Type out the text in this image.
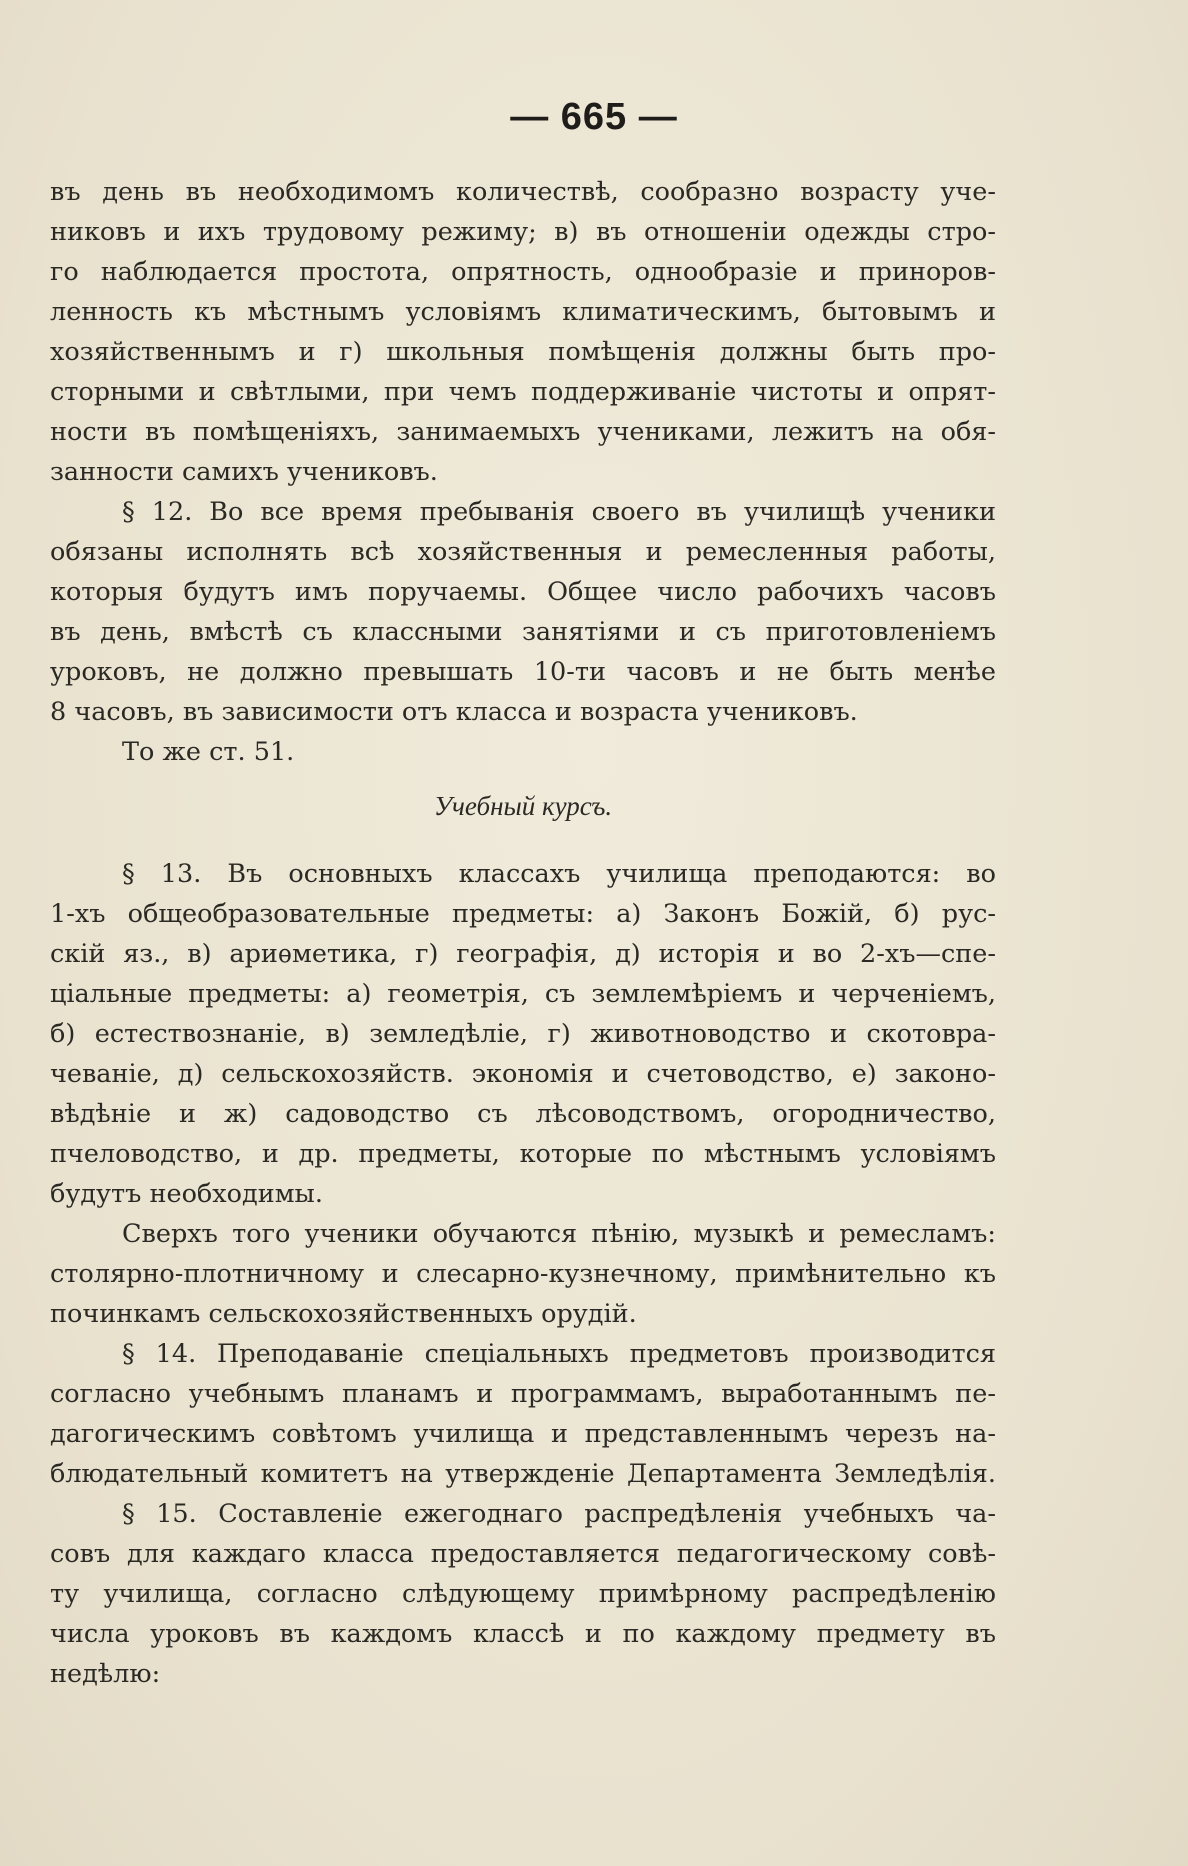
— 665 —
въ день въ необходимомъ количествѣ, сообразно возрасту уче-
никовъ и ихъ трудовому режиму; в) въ отношеніи одежды стро-
го наблюдается простота, опрятность, однообразіе и приноров-
ленность къ мѣстнымъ условіямъ климатическимъ, бытовымъ и
хозяйственнымъ и г) школьныя помѣщенія должны быть про-
сторными и свѣтлыми, при чемъ поддерживаніе чистоты и опрят-
ности въ помѣщеніяхъ, занимаемыхъ учениками, лежитъ на обя-
занности самихъ учениковъ.
§ 12. Во все время пребыванія своего въ училищѣ ученики
обязаны исполнять всѣ хозяйственныя и ремесленныя работы,
которыя будутъ имъ поручаемы. Общее число рабочихъ часовъ
въ день, вмѣстѣ съ классными занятіями и съ приготовленіемъ
уроковъ, не должно превышать 10-ти часовъ и не быть менѣе
8 часовъ, въ зависимости отъ класса и возраста учениковъ.
То же ст. 51.
Учебный курсъ.
§ 13. Въ основныхъ классахъ училища преподаются: во
1-хъ общеобразовательные предметы: а) Законъ Божій, б) рус-
скій яз., в) ариѳметика, г) географія, д) исторія и во 2-хъ—спе-
ціальные предметы: а) геометрія, съ землемѣріемъ и черченіемъ,
б) естествознаніе, в) земледѣліе, г) животноводство и скотовра-
чеваніе, д) сельскохозяйств. экономія и счетоводство, е) законо-
вѣдѣніе и ж) садоводство съ лѣсоводствомъ, огородничество,
пчеловодство, и др. предметы, которые по мѣстнымъ условіямъ
будутъ необходимы.
Сверхъ того ученики обучаются пѣнію, музыкѣ и ремесламъ:
столярно-плотничному и слесарно-кузнечному, примѣнительно къ
починкамъ сельскохозяйственныхъ орудій.
§ 14. Преподаваніе спеціальныхъ предметовъ производится
согласно учебнымъ планамъ и программамъ, выработаннымъ пе-
дагогическимъ совѣтомъ училища и представленнымъ черезъ на-
блюдательный комитетъ на утвержденіе Департамента Земледѣлія.
§ 15. Составленіе ежегоднаго распредѣленія учебныхъ ча-
совъ для каждаго класса предоставляется педагогическому совѣ-
ту училища, согласно слѣдующему примѣрному распредѣленію
числа уроковъ въ каждомъ классѣ и по каждому предмету въ
недѣлю:
